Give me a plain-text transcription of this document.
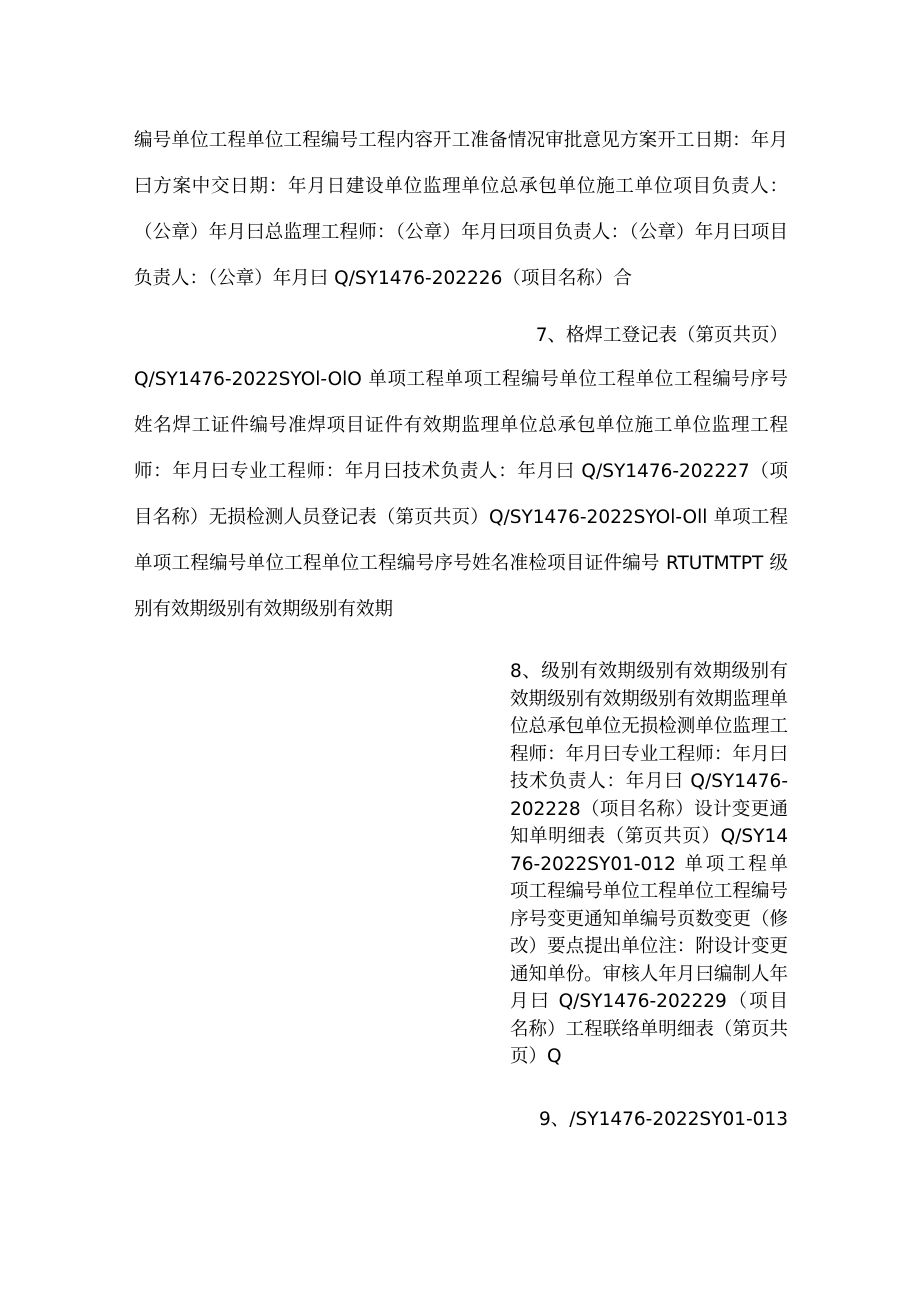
编号单位工程单位工程编号工程内容开工准备情况审批意见方案开工日期：年月曰方案中交日期：年月日建设单位监理单位总承包单位施工单位项目负责人：（公章）年月曰总监理工程师：（公章）年月曰项目负责人：（公章）年月曰项目负责人：（公章）年月曰 Q/SY1476-202226（项目名称）合
7、格焊工登记表（第页共页）
Q/SY1476-2022SYOl-OlO 单项工程单项工程编号单位工程单位工程编号序号姓名焊工证件编号准焊项目证件有效期监理单位总承包单位施工单位监理工程师：年月曰专业工程师：年月曰技术负责人：年月曰 Q/SY1476-202227（项目名称）无损检测人员登记表（第页共页）Q/SY1476-2022SYOl-Oll 单项工程单项工程编号单位工程单位工程编号序号姓名准检项目证件编号 RTUTMTPT 级别有效期级别有效期级别有效期
8、级别有效期级别有效期级别有效期级别有效期级别有效期监理单位总承包单位无损检测单位监理工程师：年月曰专业工程师：年月曰技术负责人：年月曰 Q/SY1476-202228（项目名称）设计变更通知单明细表（第页共页）Q/SY1476-2022SY01-012 单项工程单项工程编号单位工程单位工程编号序号变更通知单编号页数变更（修改）要点提出单位注：附设计变更通知单份。审核人年月曰编制人年月曰 Q/SY1476-202229（项目名称）工程联络单明细表（第页共页）Q
9、/SY1476-2022SY01-013
